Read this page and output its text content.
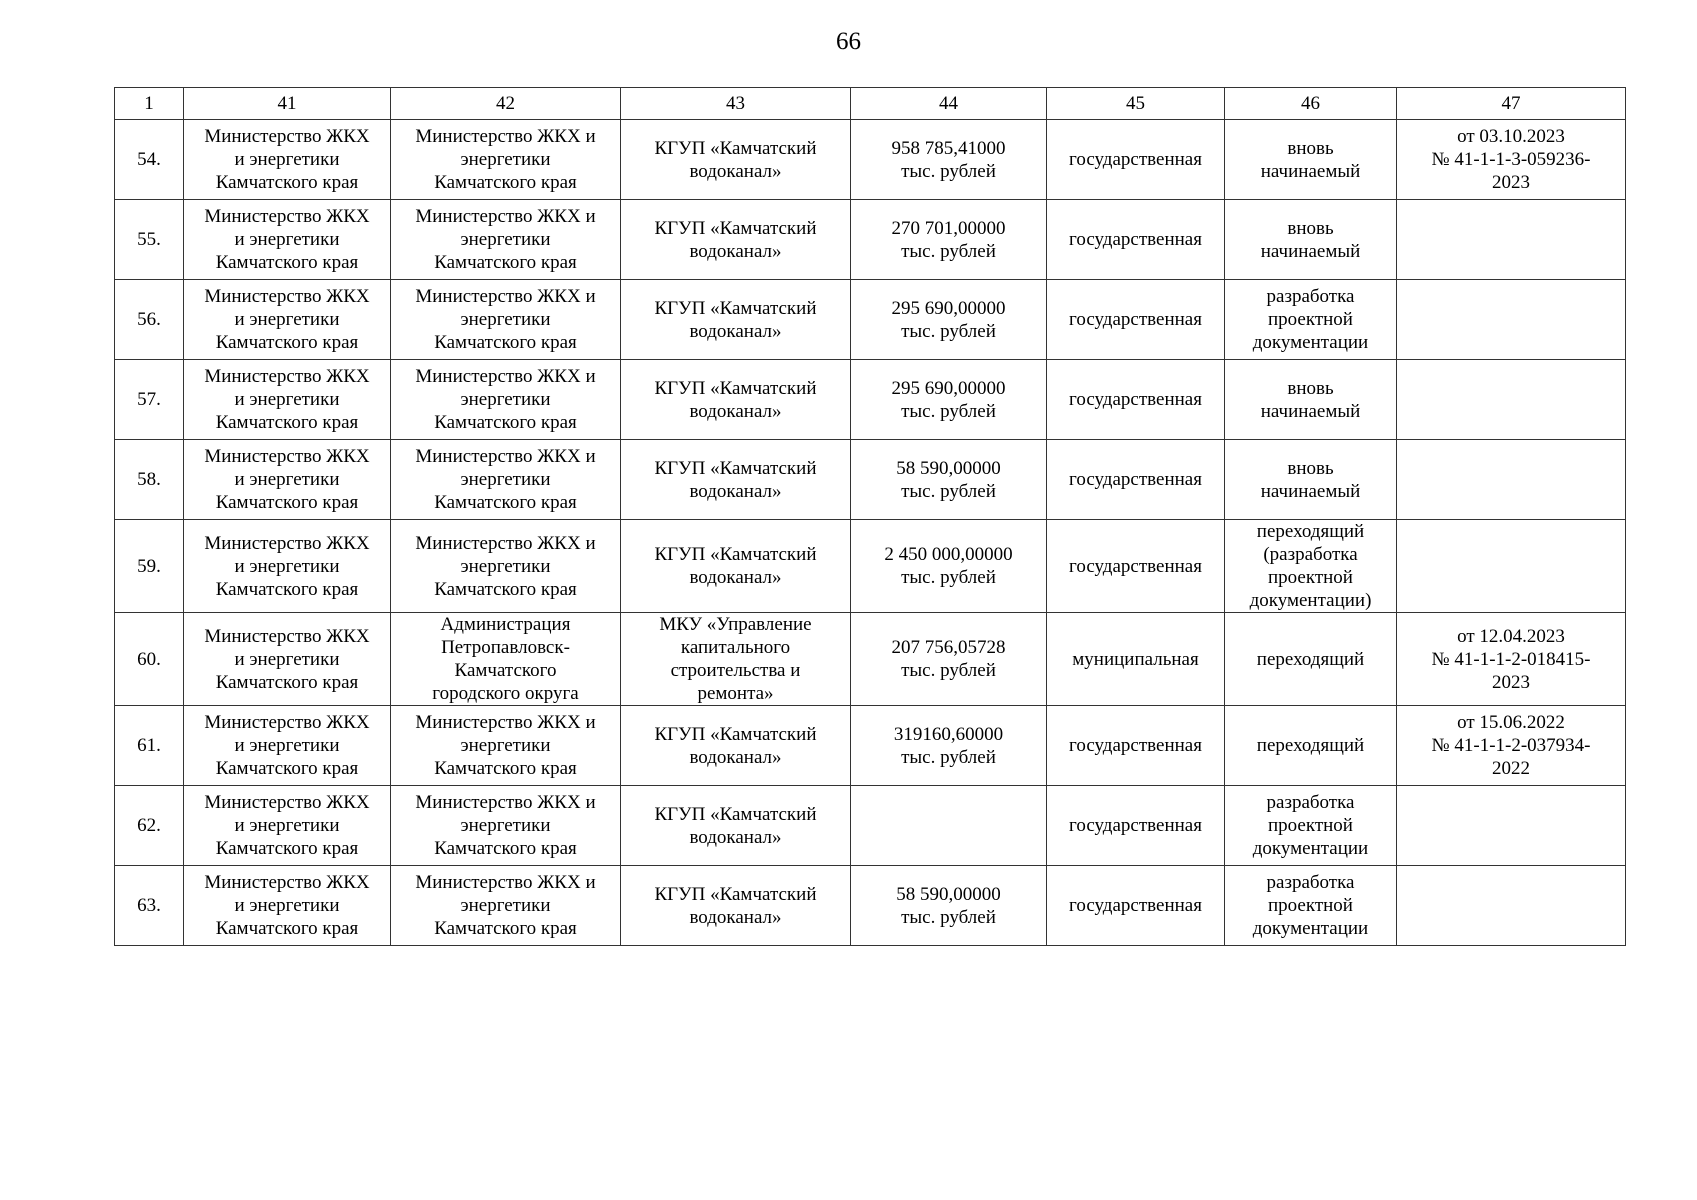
66
1	41	42	43	44	45	46	47
54.	Министерство ЖКХ
и энергетики
Камчатского края	Министерство ЖКХ и
энергетики
Камчатского края	КГУП «Камчатский
водоканал»	958 785,41000
тыс. рублей	государственная	вновь
начинаемый	от 03.10.2023
№ 41-1-1-3-059236-
2023
55.	Министерство ЖКХ
и энергетики
Камчатского края	Министерство ЖКХ и
энергетики
Камчатского края	КГУП «Камчатский
водоканал»	270 701,00000
тыс. рублей	государственная	вновь
начинаемый	
56.	Министерство ЖКХ
и энергетики
Камчатского края	Министерство ЖКХ и
энергетики
Камчатского края	КГУП «Камчатский
водоканал»	295 690,00000
тыс. рублей	государственная	разработка
проектной
документации	
57.	Министерство ЖКХ
и энергетики
Камчатского края	Министерство ЖКХ и
энергетики
Камчатского края	КГУП «Камчатский
водоканал»	295 690,00000
тыс. рублей	государственная	вновь
начинаемый	
58.	Министерство ЖКХ
и энергетики
Камчатского края	Министерство ЖКХ и
энергетики
Камчатского края	КГУП «Камчатский
водоканал»	58 590,00000
тыс. рублей	государственная	вновь
начинаемый	
59.	Министерство ЖКХ
и энергетики
Камчатского края	Министерство ЖКХ и
энергетики
Камчатского края	КГУП «Камчатский
водоканал»	2 450 000,00000
тыс. рублей	государственная	переходящий
(разработка
проектной
документации)	
60.	Министерство ЖКХ
и энергетики
Камчатского края	Администрация
Петропавловск-
Камчатского
городского округа	МКУ «Управление
капитального
строительства и
ремонта»	207 756,05728
тыс. рублей	муниципальная	переходящий	от 12.04.2023
№ 41-1-1-2-018415-
2023
61.	Министерство ЖКХ
и энергетики
Камчатского края	Министерство ЖКХ и
энергетики
Камчатского края	КГУП «Камчатский
водоканал»	319160,60000
тыс. рублей	государственная	переходящий	от 15.06.2022
№ 41-1-1-2-037934-
2022
62.	Министерство ЖКХ
и энергетики
Камчатского края	Министерство ЖКХ и
энергетики
Камчатского края	КГУП «Камчатский
водоканал»		государственная	разработка
проектной
документации	
63.	Министерство ЖКХ
и энергетики
Камчатского края	Министерство ЖКХ и
энергетики
Камчатского края	КГУП «Камчатский
водоканал»	58 590,00000
тыс. рублей	государственная	разработка
проектной
документации	
